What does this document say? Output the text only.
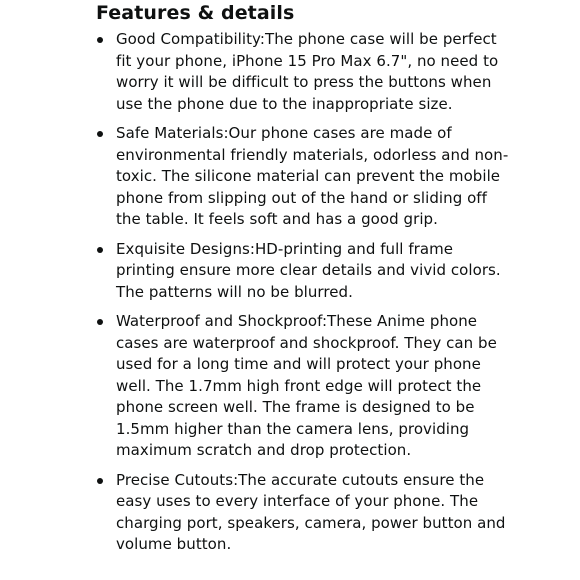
Features & details
Good Compatibility:The phone case will be perfect fit your phone, iPhone 15 Pro Max 6.7", no need to worry it will be difficult to press the buttons when use the phone due to the inappropriate size.
Safe Materials:Our phone cases are made of environmental friendly materials, odorless and non-toxic. The silicone material can prevent the mobile phone from slipping out of the hand or sliding off the table. It feels soft and has a good grip.
Exquisite Designs:HD-printing and full frame printing ensure more clear details and vivid colors. The patterns will no be blurred.
Waterproof and Shockproof:These Anime phone cases are waterproof and shockproof. They can be used for a long time and will protect your phone well. The 1.7mm high front edge will protect the phone screen well. The frame is designed to be 1.5mm higher than the camera lens, providing maximum scratch and drop protection.
Precise Cutouts:The accurate cutouts ensure the easy uses to every interface of your phone. The charging port, speakers, camera, power button and volume button.
